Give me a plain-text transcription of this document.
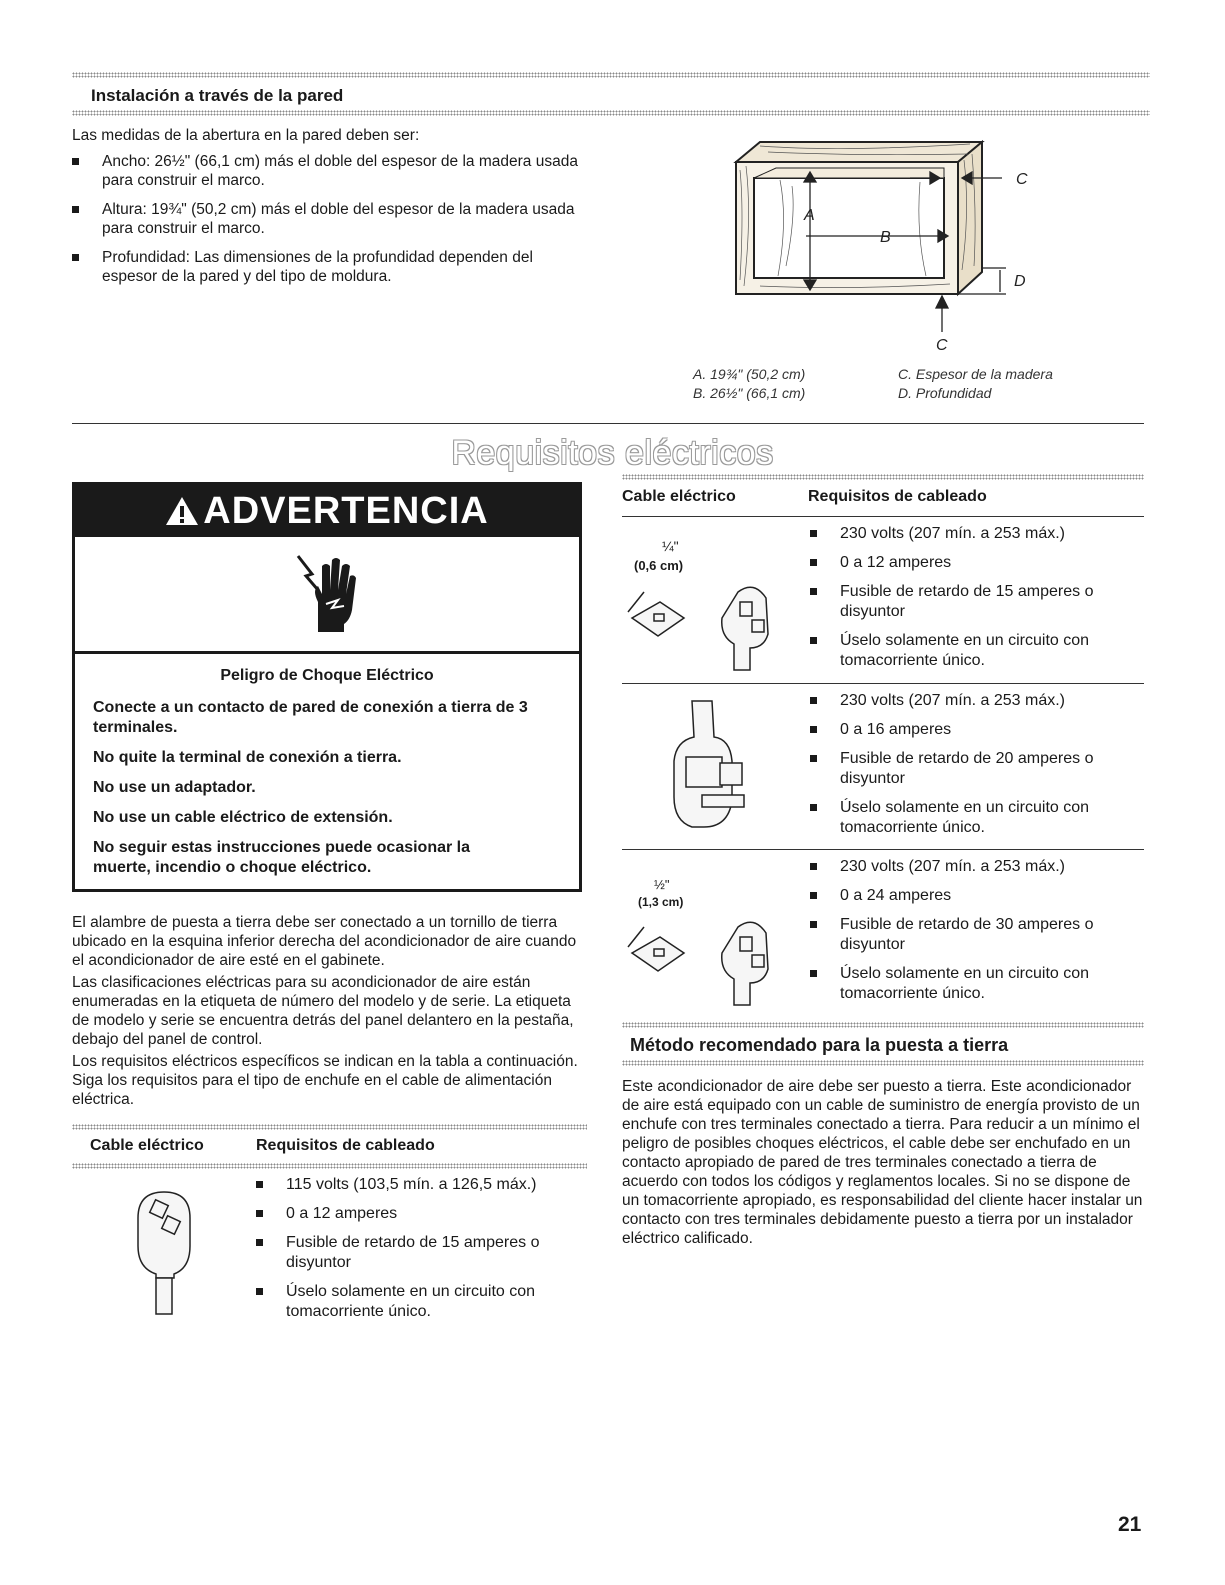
Instalación a través de la pared
Las medidas de la abertura en la pared deben ser:
Ancho: 26½" (66,1 cm) más el doble del espesor de la madera usada para construir el marco.
Altura: 19¾" (50,2 cm) más el doble del espesor de la madera usada para construir el marco.
Profundidad: Las dimensiones de la profundidad dependen del espesor de la pared y del tipo de moldura.
A
B
C
D
C
A. 19¾" (50,2 cm)
B. 26½" (66,1 cm)
C. Espesor de la madera
D. Profundidad
Requisitos eléctricos
ADVERTENCIA

Peligro de Choque Eléctrico

Conecte a un contacto de pared de conexión a tierra de 3 terminales.

No quite la terminal de conexión a tierra.

No use un adaptador.

No use un cable eléctrico de extensión.

No seguir estas instrucciones puede ocasionar la muerte, incendio o choque eléctrico.

El alambre de puesta a tierra debe ser conectado a un tornillo de tierra ubicado en la esquina inferior derecha del acondicionador de aire cuando el acondicionador de aire esté en el gabinete.
Las clasificaciones eléctricas para su acondicionador de aire están enumeradas en la etiqueta de número del modelo y de serie. La etiqueta de modelo y serie se encuentra detrás del panel delantero en la pestaña, debajo del panel de control.
Los requisitos eléctricos específicos se indican en la tabla a continuación. Siga los requisitos para el tipo de enchufe en el cable de alimentación eléctrica.
Cable eléctrico	Requisitos de cableado
115 volts (103,5 mín. a 126,5 máx.)
0 a 12 amperes
Fusible de retardo de 15 amperes o disyuntor
Úselo solamente en un circuito con tomacorriente único.
Cable eléctrico	Requisitos de cableado
¼"
(0,6 cm)
230 volts (207 mín. a 253 máx.)
0 a 12 amperes
Fusible de retardo de 15 amperes o disyuntor
Úselo solamente en un circuito con tomacorriente único.
230 volts (207 mín. a 253 máx.)
0 a 16 amperes
Fusible de retardo de 20 amperes o disyuntor
Úselo solamente en un circuito con tomacorriente único.
½"
(1,3 cm)
230 volts (207 mín. a 253 máx.)
0 a 24 amperes
Fusible de retardo de 30 amperes o disyuntor
Úselo solamente en un circuito con tomacorriente único.
Método recomendado para la puesta a tierra
Este acondicionador de aire debe ser puesto a tierra. Este acondicionador de aire está equipado con un cable de suministro de energía provisto de un enchufe con tres terminales conectado a tierra. Para reducir a un mínimo el peligro de posibles choques eléctricos, el cable debe ser enchufado en un contacto apropiado de pared de tres terminales conectado a tierra de acuerdo con todos los códigos y reglamentos locales. Si no se dispone de un tomacorriente apropiado, es responsabilidad del cliente hacer instalar un contacto con tres terminales debidamente puesto a tierra por un instalador eléctrico calificado.
21
